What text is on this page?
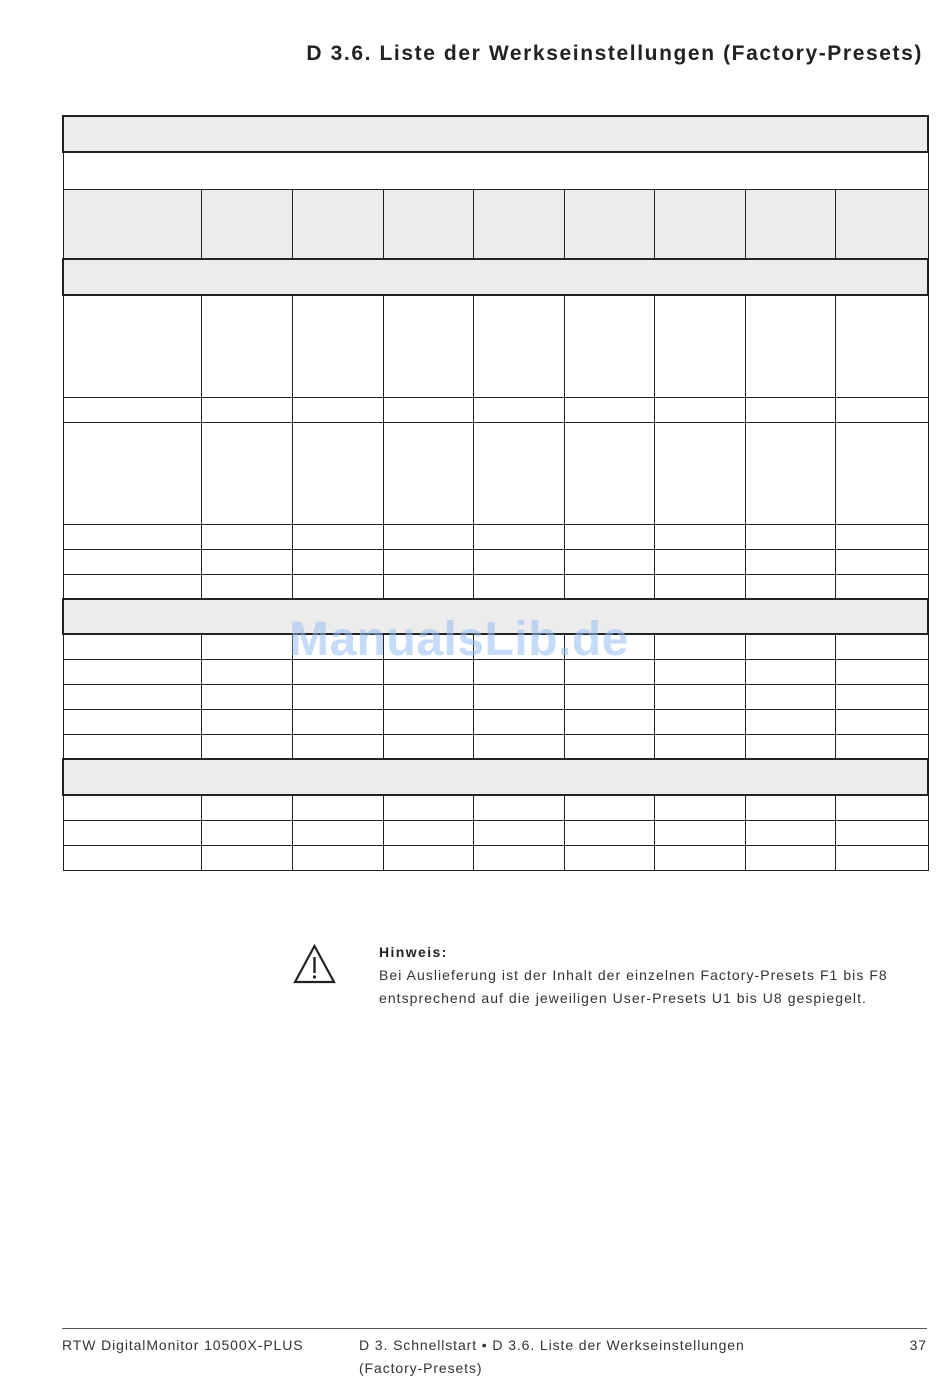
D 3.6. Liste der Werkseinstellungen (Factory-Presets)

ManualsLib.de
Hinweis:
Bei Auslieferung ist der Inhalt der einzelnen Factory-Presets F1 bis F8
entsprechend auf die jeweiligen User-Presets U1 bis U8 gespiegelt.
RTW DigitalMonitor 10500X-PLUS	D 3. Schnellstart • D 3.6. Liste der Werkseinstellungen
(Factory-Presets)
37
